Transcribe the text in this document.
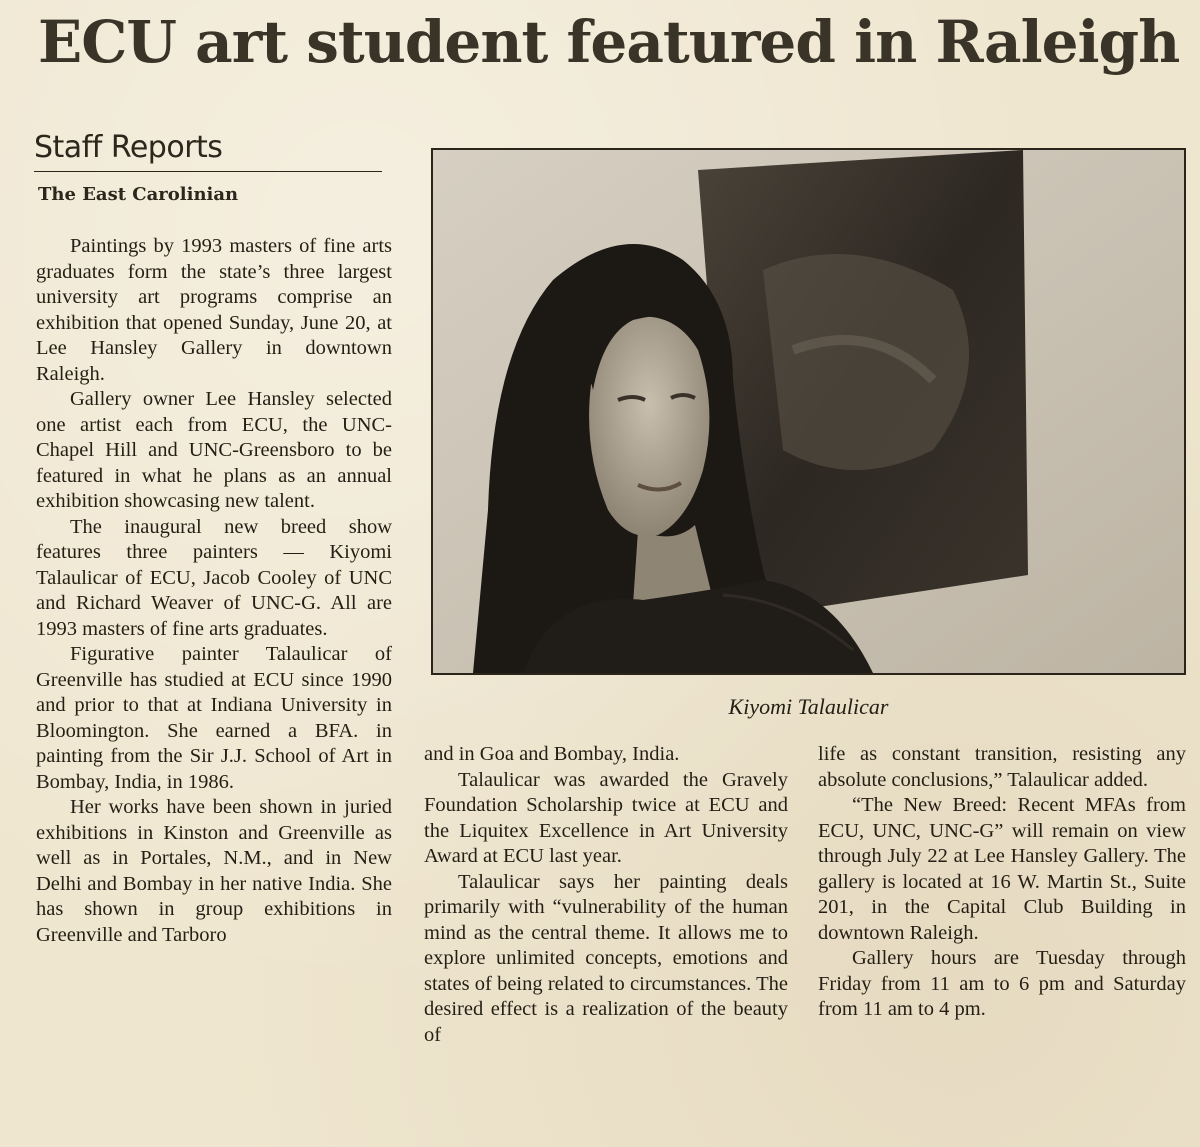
ECU art student featured in Raleigh
Staff Reports
The East Carolinian

Paintings by 1993 masters of fine arts graduates form the state’s three largest university art programs comprise an exhibition that opened Sunday, June 20, at Lee Hansley Gallery in downtown Raleigh.

Gallery owner Lee Hansley selected one artist each from ECU, the UNC-Chapel Hill and UNC-Greensboro to be featured in what he plans as an annual exhibition showcasing new talent.

The inaugural new breed show features three painters — Kiyomi Talaulicar of ECU, Jacob Cooley of UNC and Richard Weaver of UNC-G. All are 1993 masters of fine arts graduates.

Figurative painter Talaulicar of Greenville has studied at ECU since 1990 and prior to that at Indiana University in Bloomington. She earned a BFA. in painting from the Sir J.J. School of Art in Bombay, India, in 1986.

Her works have been shown in juried exhibitions in Kinston and Greenville as well as in Portales, N.M., and in New Delhi and Bombay in her native India. She has shown in group exhibitions in Greenville and Tarboro

Kiyomi Talaulicar

and in Goa and Bombay, India.

Talaulicar was awarded the Gravely Foundation Scholarship twice at ECU and the Liquitex Excellence in Art University Award at ECU last year.

Talaulicar says her painting deals primarily with “vulnerability of the human mind as the central theme. It allows me to explore unlimited concepts, emotions and states of being related to circumstances. The desired effect is a realization of the beauty of

life as constant transition, resisting any absolute conclusions,” Talaulicar added.

“The New Breed: Recent MFAs from ECU, UNC, UNC-G” will remain on view through July 22 at Lee Hansley Gallery. The gallery is located at 16 W. Martin St., Suite 201, in the Capital Club Building in downtown Raleigh.

Gallery hours are Tuesday through Friday from 11 am to 6 pm and Saturday from 11 am to 4 pm.
